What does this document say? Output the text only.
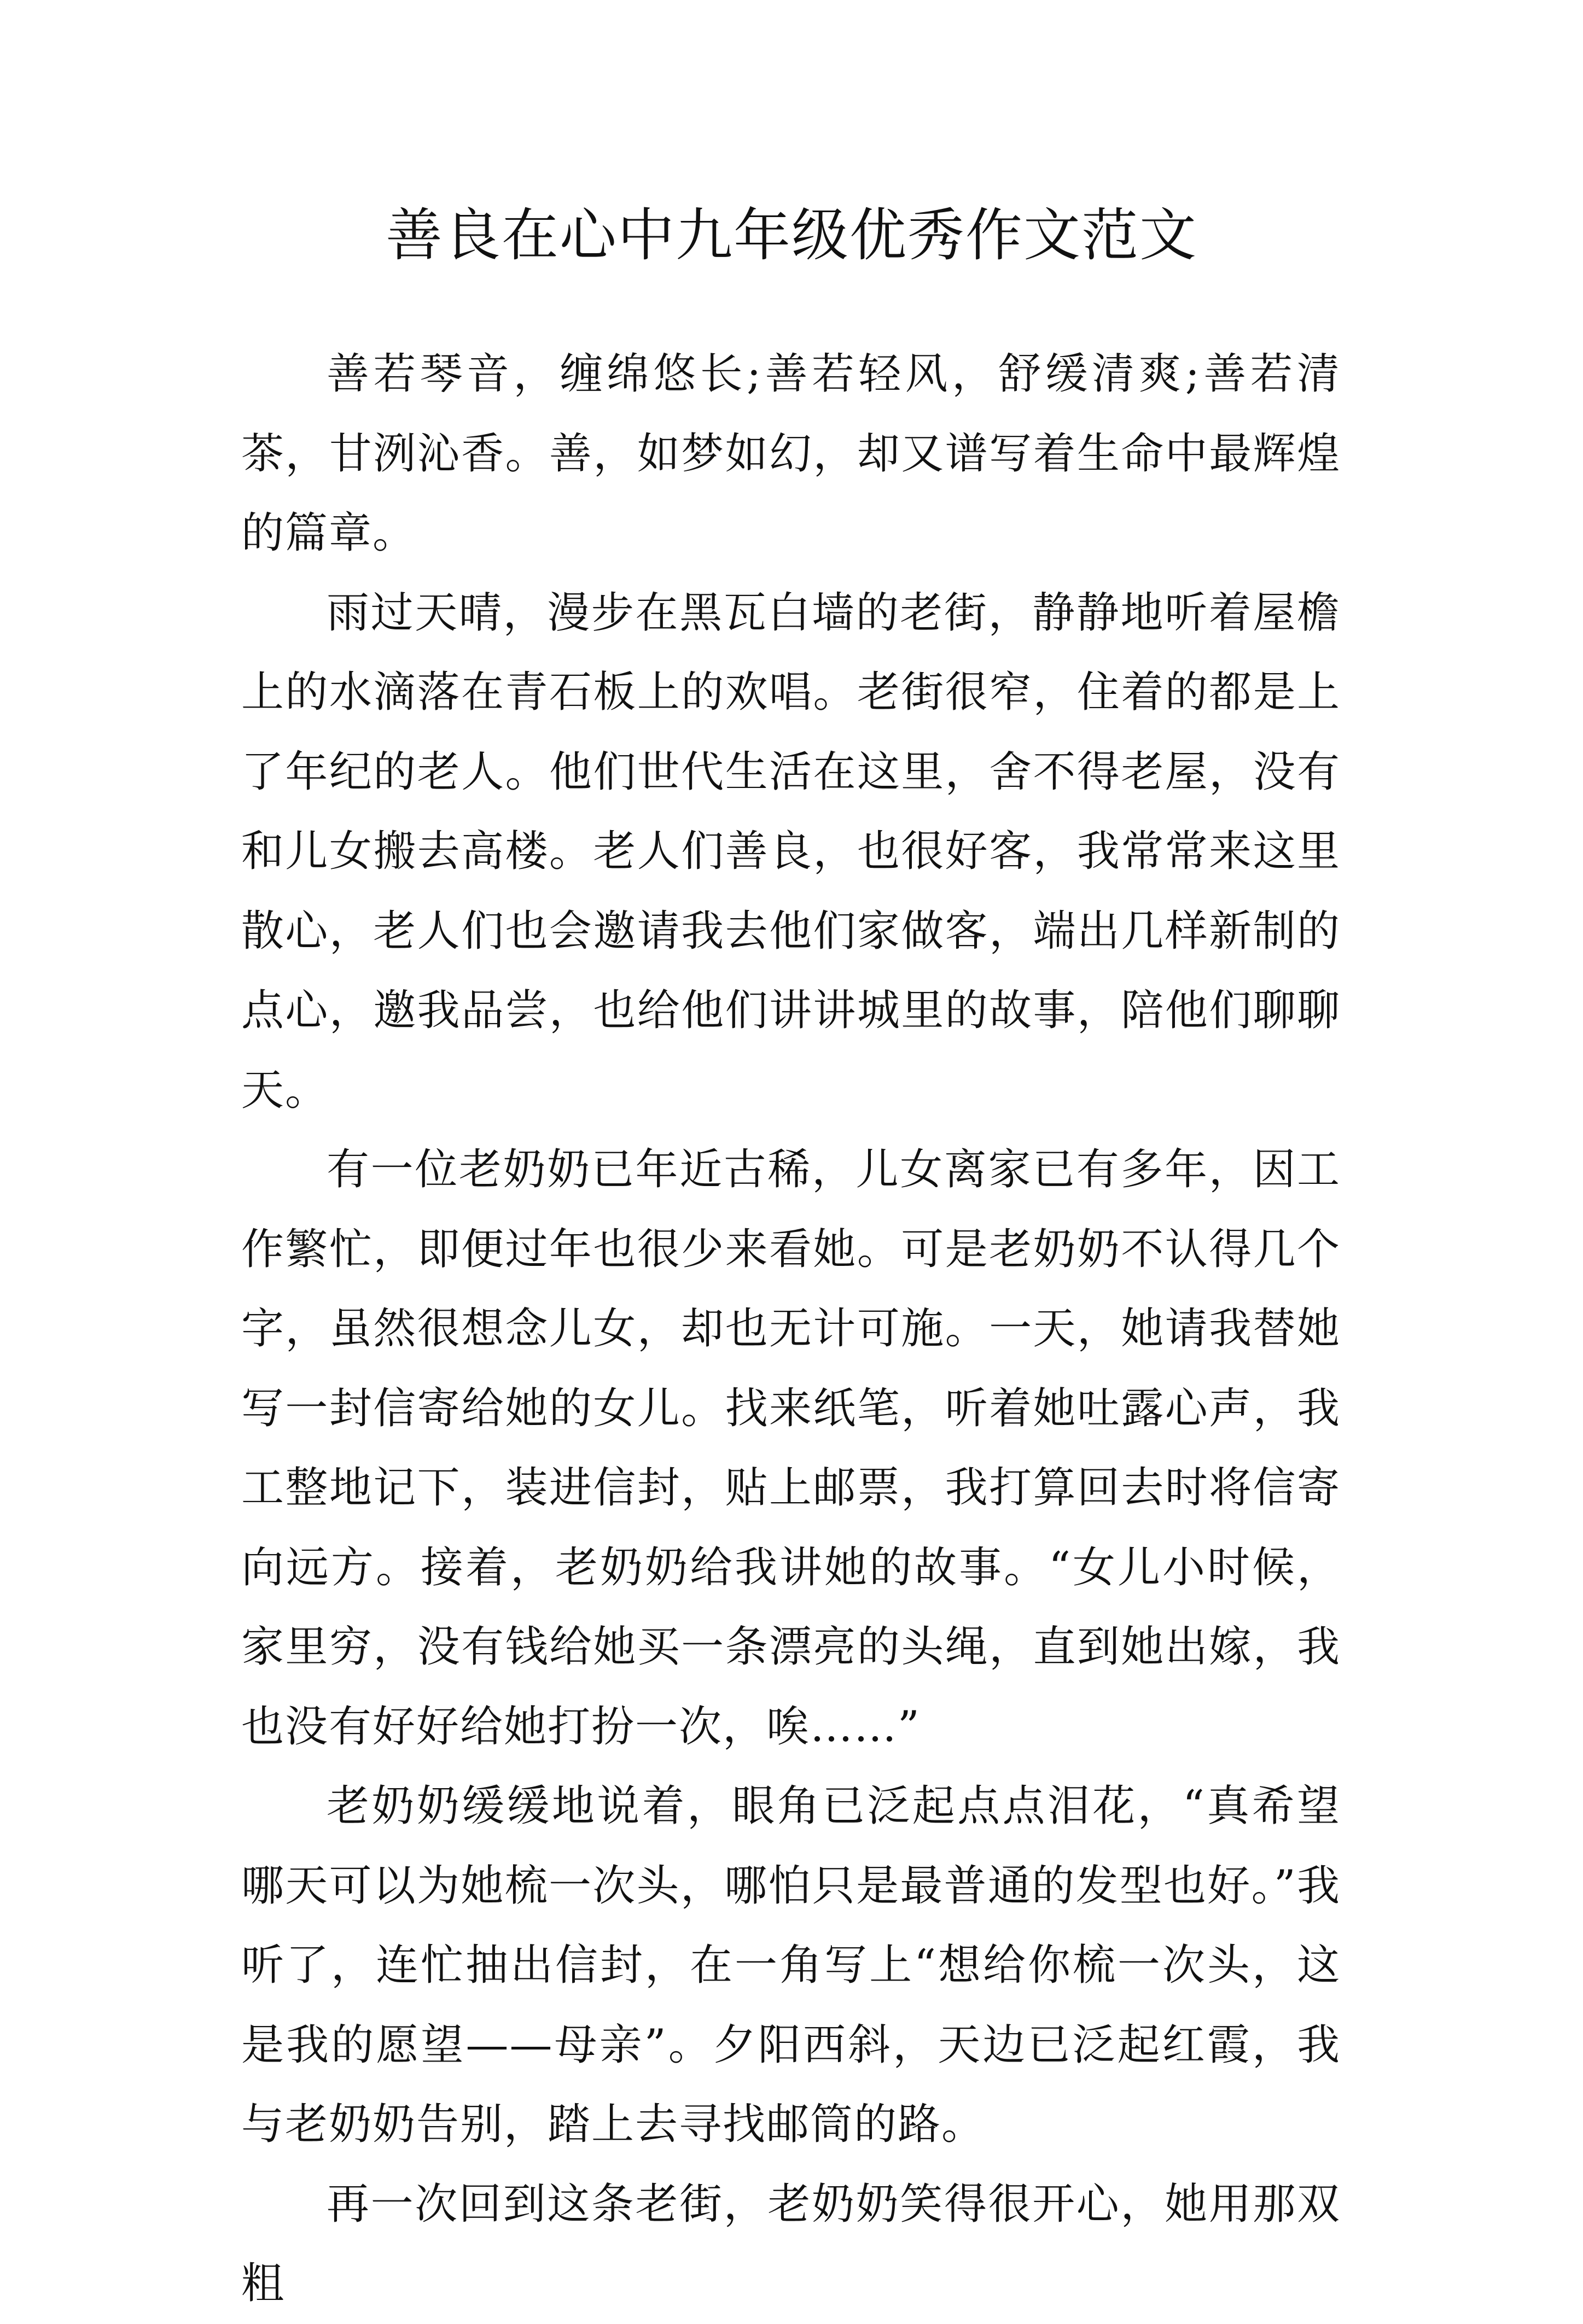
善良在心中九年级优秀作文范文

善若琴音，缠绵悠长;善若轻风，舒缓清爽;善若清茶，甘洌沁香。善，如梦如幻，却又谱写着生命中最辉煌的篇章。

雨过天晴，漫步在黑瓦白墙的老街，静静地听着屋檐上的水滴落在青石板上的欢唱。老街很窄，住着的都是上了年纪的老人。他们世代生活在这里，舍不得老屋，没有和儿女搬去高楼。老人们善良，也很好客，我常常来这里散心，老人们也会邀请我去他们家做客，端出几样新制的点心，邀我品尝，也给他们讲讲城里的故事，陪他们聊聊天。

有一位老奶奶已年近古稀，儿女离家已有多年，因工作繁忙，即便过年也很少来看她。可是老奶奶不认得几个字，虽然很想念儿女，却也无计可施。一天，她请我替她写一封信寄给她的女儿。找来纸笔，听着她吐露心声，我工整地记下，装进信封，贴上邮票，我打算回去时将信寄向远方。接着，老奶奶给我讲她的故事。“女儿小时候，家里穷，没有钱给她买一条漂亮的头绳，直到她出嫁，我也没有好好给她打扮一次，唉……”

老奶奶缓缓地说着，眼角已泛起点点泪花，“真希望哪天可以为她梳一次头，哪怕只是最普通的发型也好。”我听了，连忙抽出信封，在一角写上“想给你梳一次头，这是我的愿望——母亲”。夕阳西斜，天边已泛起红霞，我与老奶奶告别，踏上去寻找邮筒的路。

再一次回到这条老街，老奶奶笑得很开心，她用那双粗
